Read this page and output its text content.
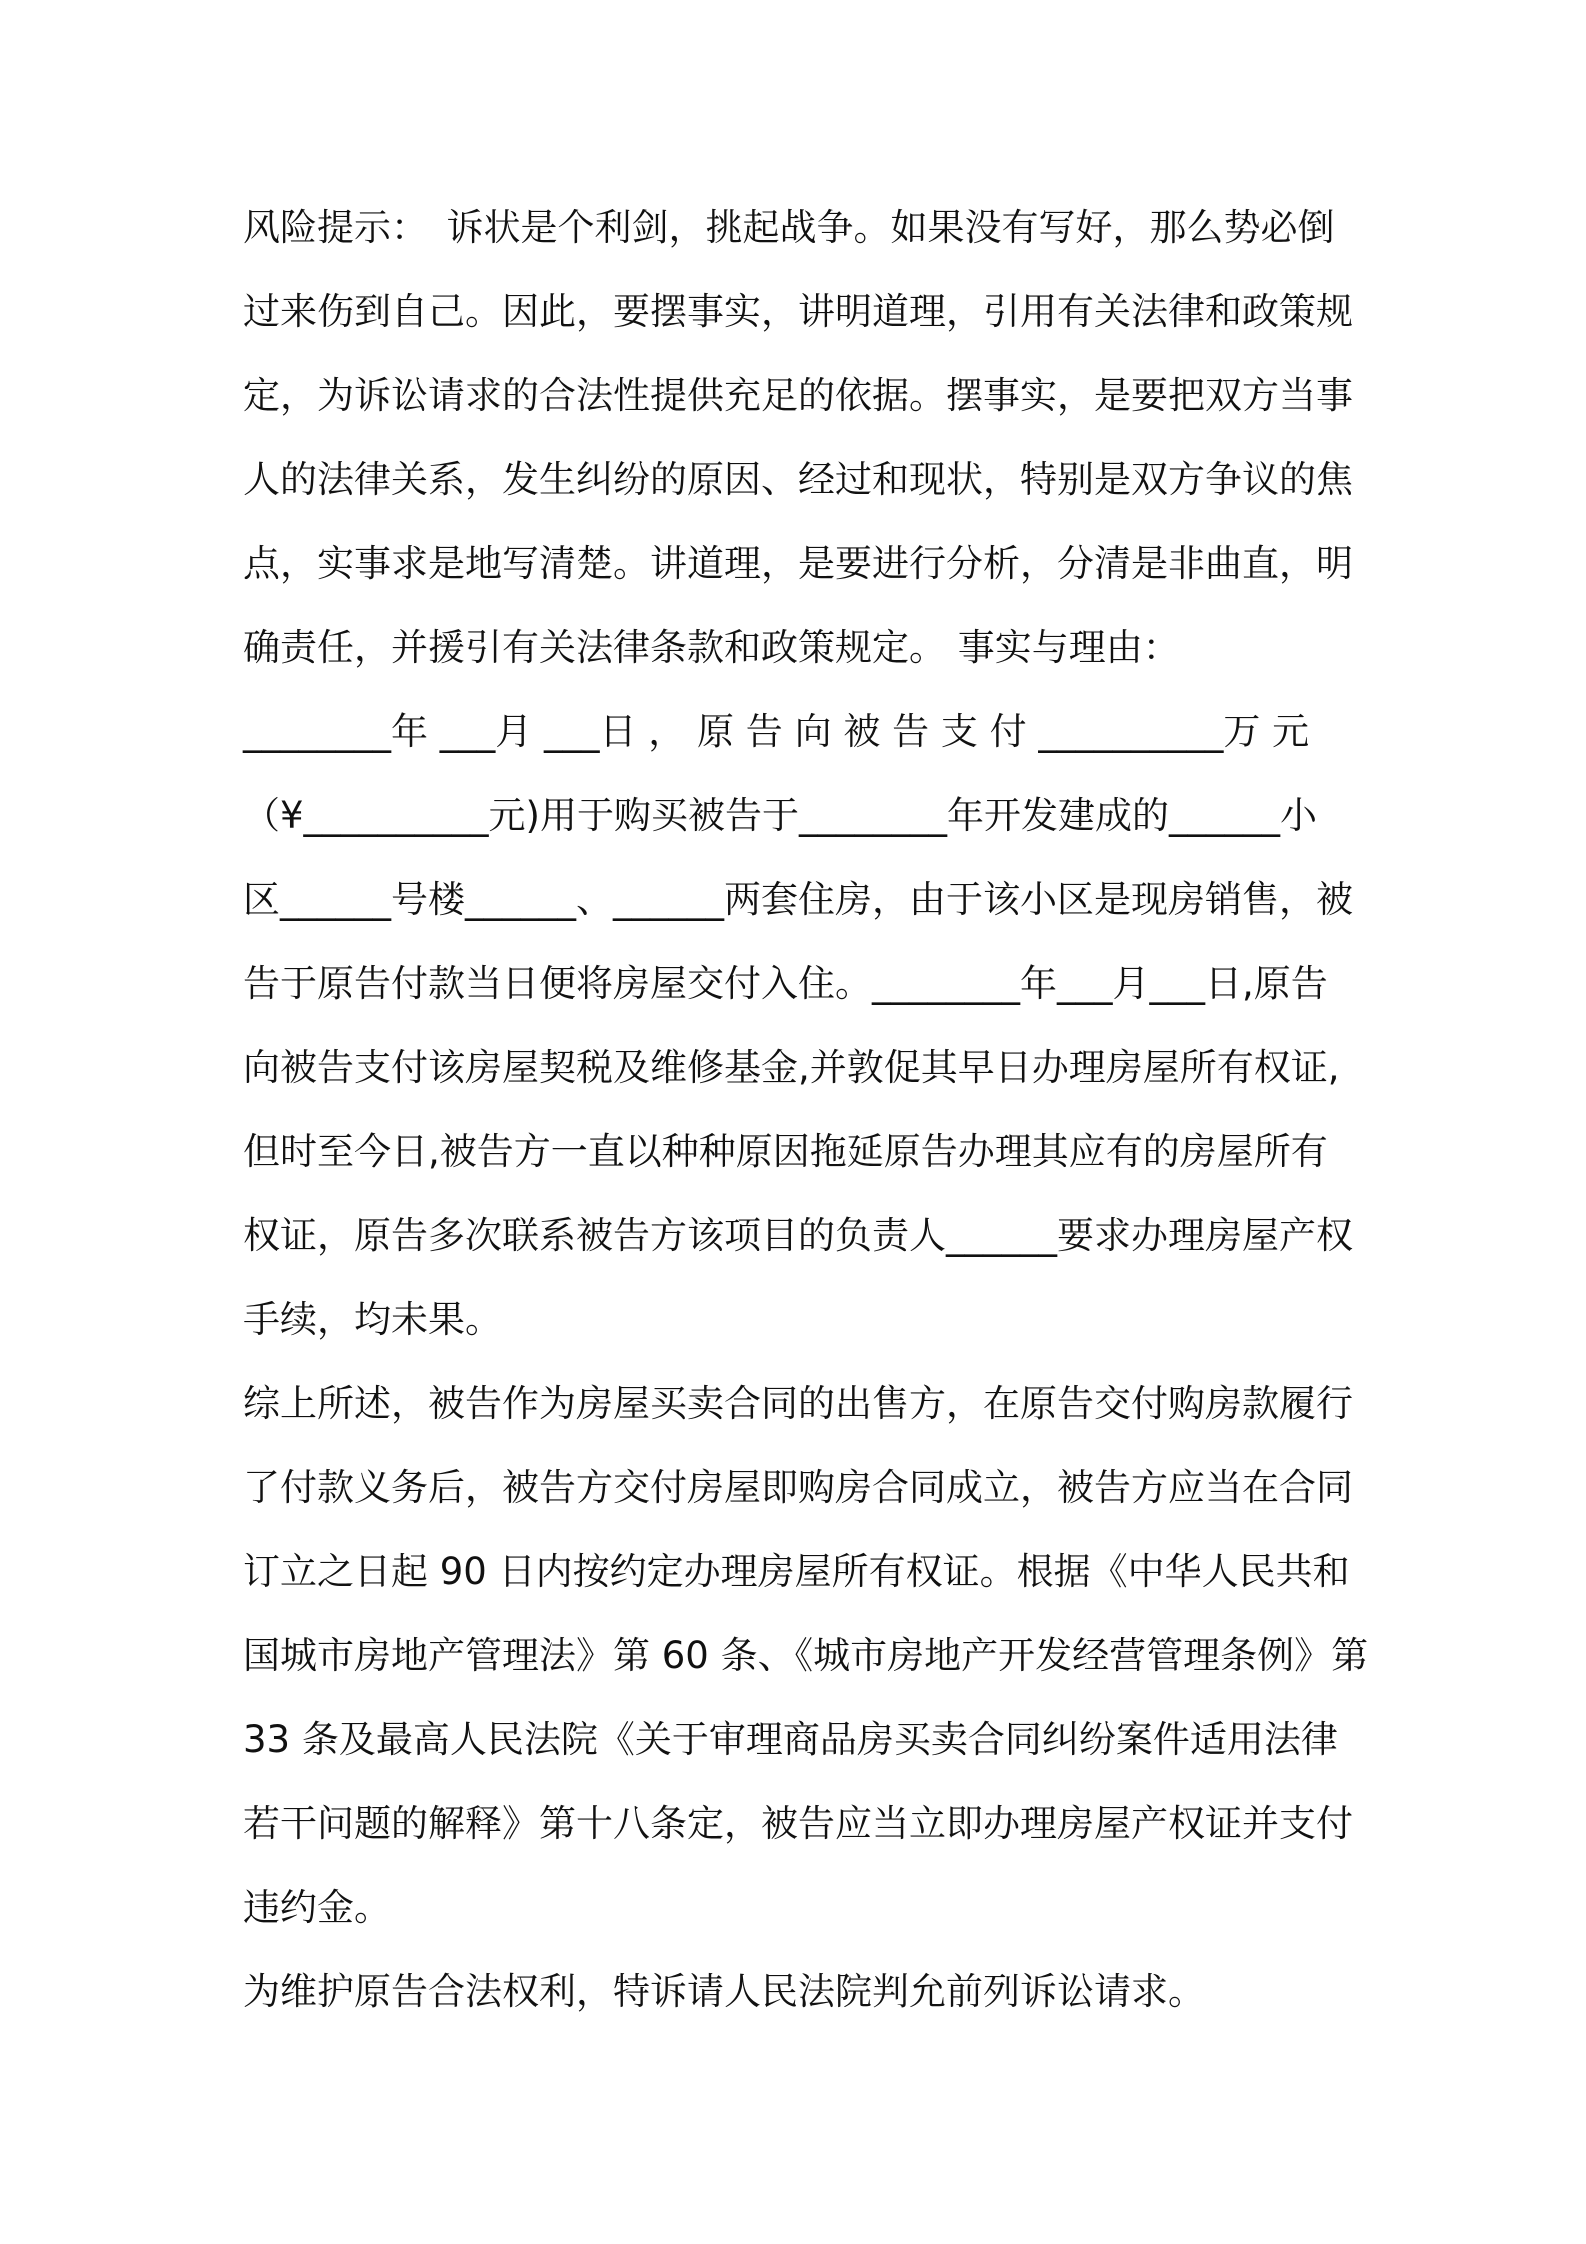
风险提示：　诉状是个利剑，挑起战争。如果没有写好，那么势必倒
过来伤到自己。因此，要摆事实，讲明道理，引用有关法律和政策规
定，为诉讼请求的合法性提供充足的依据。摆事实，是要把双方当事
人的法律关系，发生纠纷的原因、经过和现状，特别是双方争议的焦
点，实事求是地写清楚。讲道理，是要进行分析，分清是非曲直，明
确责任，并援引有关法律条款和政策规定。 事实与理由：
________年 ___月 ___日 ， 原 告 向 被 告 支 付 __________万 元
（¥__________元)用于购买被告于________年开发建成的______小
区______号楼______、______两套住房，由于该小区是现房销售，被
告于原告付款当日便将房屋交付入住。________年___月___日,原告
向被告支付该房屋契税及维修基金,并敦促其早日办理房屋所有权证,
但时至今日,被告方一直以种种原因拖延原告办理其应有的房屋所有
权证，原告多次联系被告方该项目的负责人______要求办理房屋产权
手续，均未果。
综上所述，被告作为房屋买卖合同的出售方，在原告交付购房款履行
了付款义务后，被告方交付房屋即购房合同成立，被告方应当在合同
订立之日起 90 日内按约定办理房屋所有权证。根据《中华人民共和
国城市房地产管理法》第 60 条、《城市房地产开发经营管理条例》第
33 条及最高人民法院《关于审理商品房买卖合同纠纷案件适用法律
若干问题的解释》第十八条定，被告应当立即办理房屋产权证并支付
违约金。
为维护原告合法权利，特诉请人民法院判允前列诉讼请求。
